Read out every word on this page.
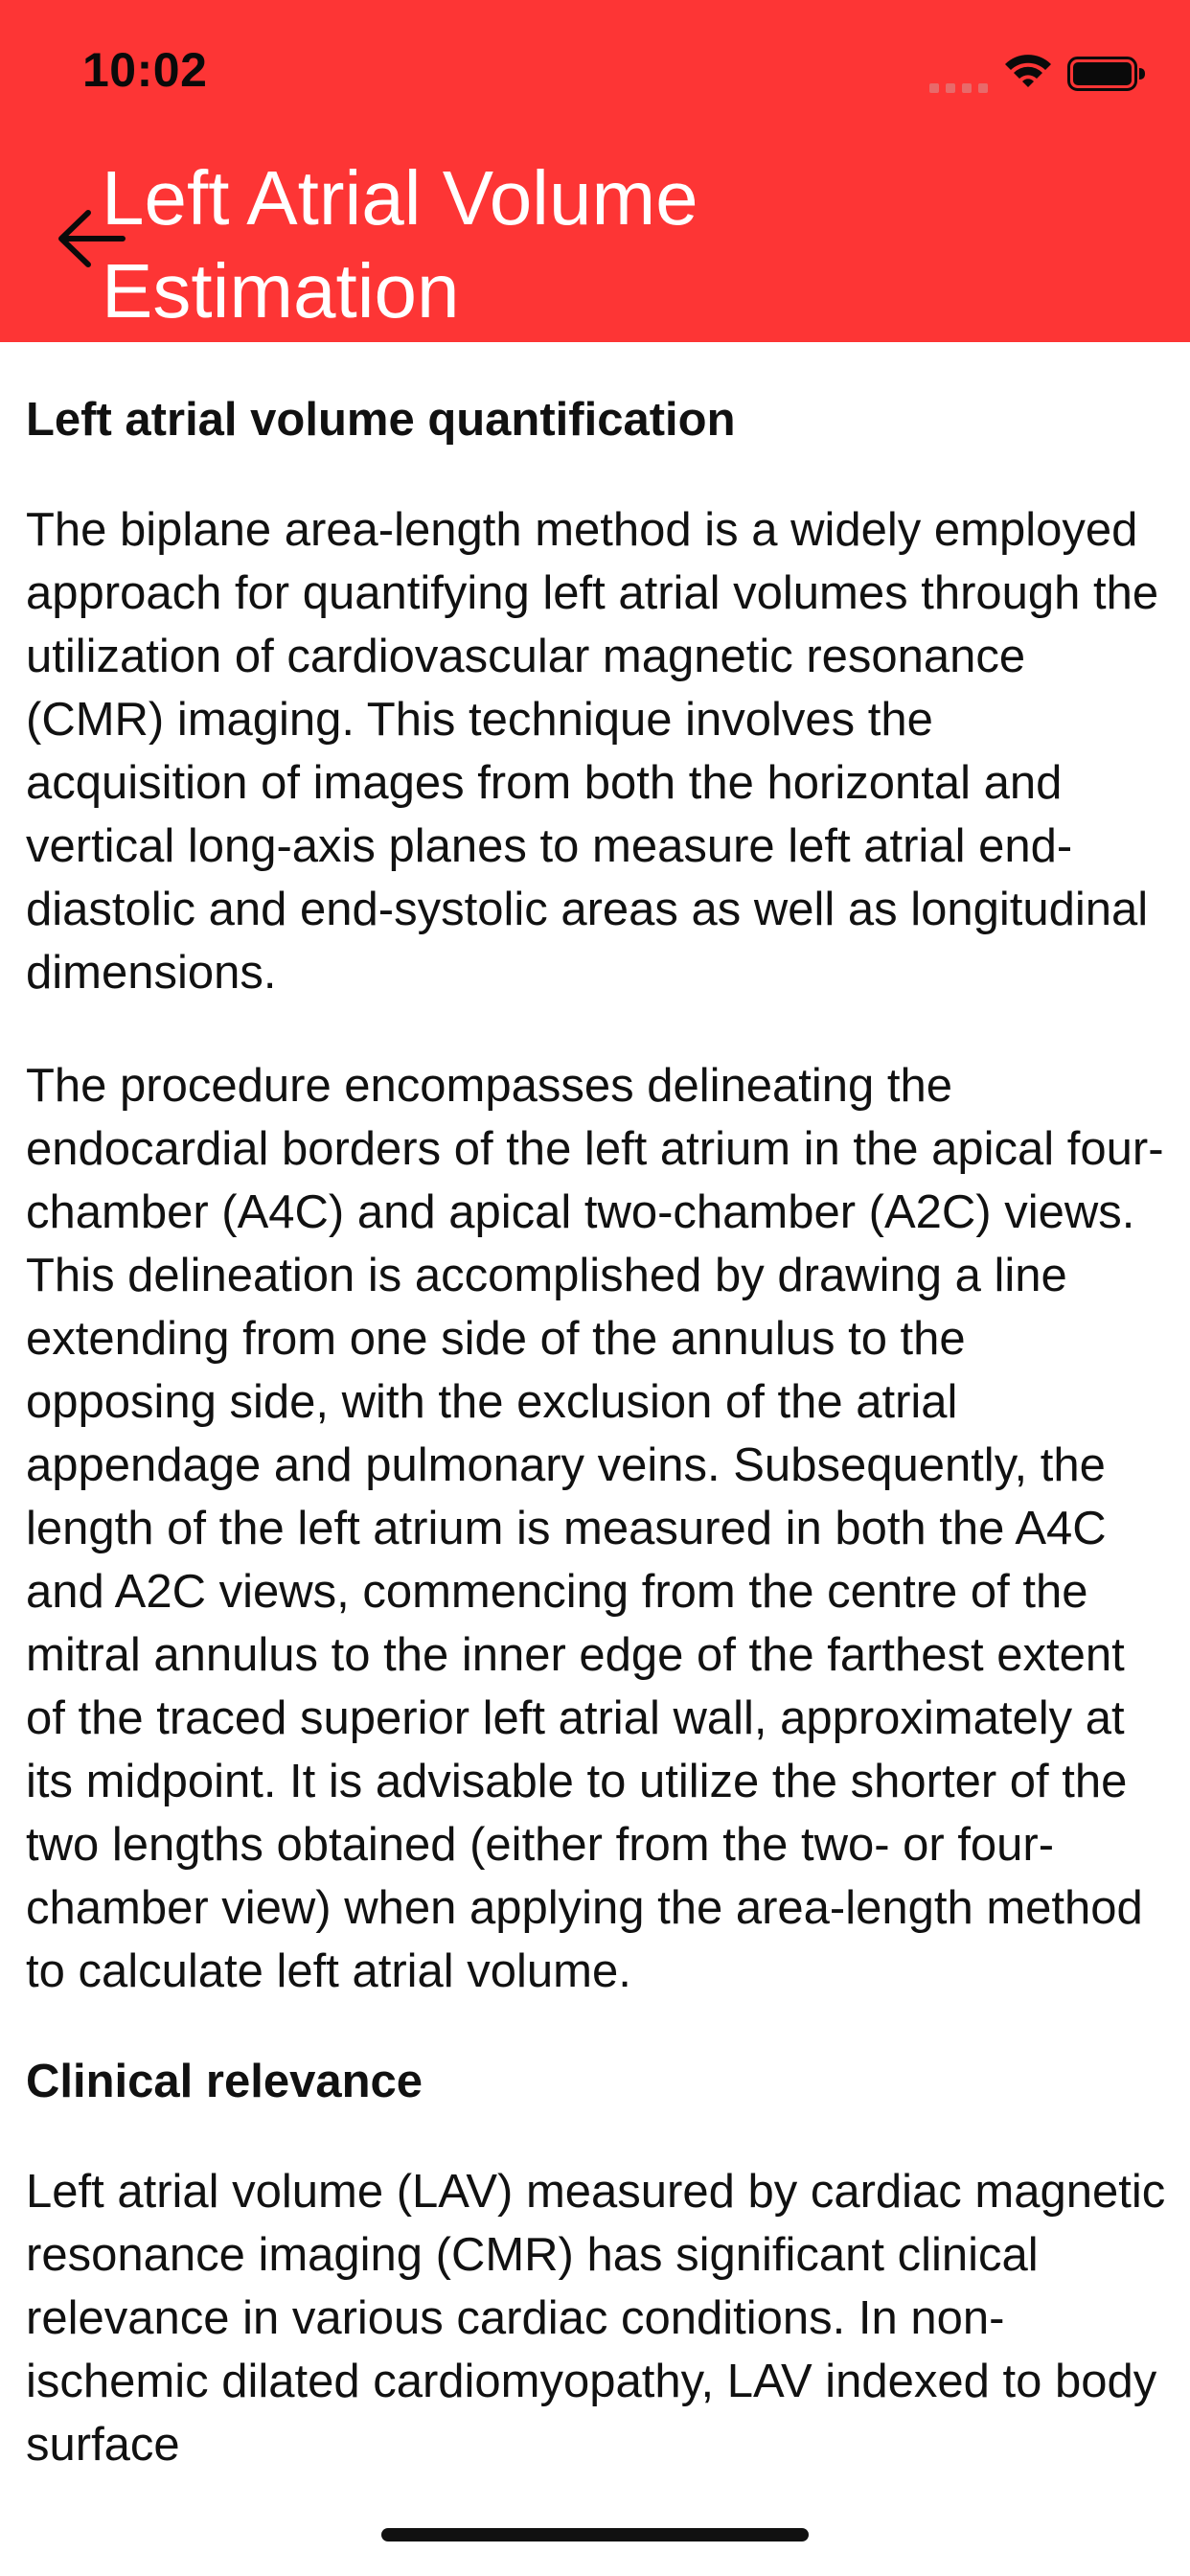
10:02
Left Atrial Volume Estimation
Left atrial volume quantification

The biplane area-length method is a widely employed approach for quantifying left atrial volumes through the utilization of cardiovascular magnetic resonance (CMR) imaging. This technique involves the acquisition of images from both the horizontal and vertical long-axis planes to measure left atrial end-diastolic and end-systolic areas as well as longitudinal dimensions.

The procedure encompasses delineating the endocardial borders of the left atrium in the apical four-chamber (A4C) and apical two-chamber (A2C) views. This delineation is accomplished by drawing a line extending from one side of the annulus to the opposing side, with the exclusion of the atrial appendage and pulmonary veins. Subsequently, the length of the left atrium is measured in both the A4C and A2C views, commencing from the centre of the mitral annulus to the inner edge of the farthest extent of the traced superior left atrial wall, approximately at its midpoint. It is advisable to utilize the shorter of the two lengths obtained (either from the two- or four-chamber view) when applying the area-length method to calculate left atrial volume.

Clinical relevance

Left atrial volume (LAV) measured by cardiac magnetic resonance imaging (CMR) has significant clinical relevance in various cardiac conditions. In non-ischemic dilated cardiomyopathy, LAV indexed to body surface
